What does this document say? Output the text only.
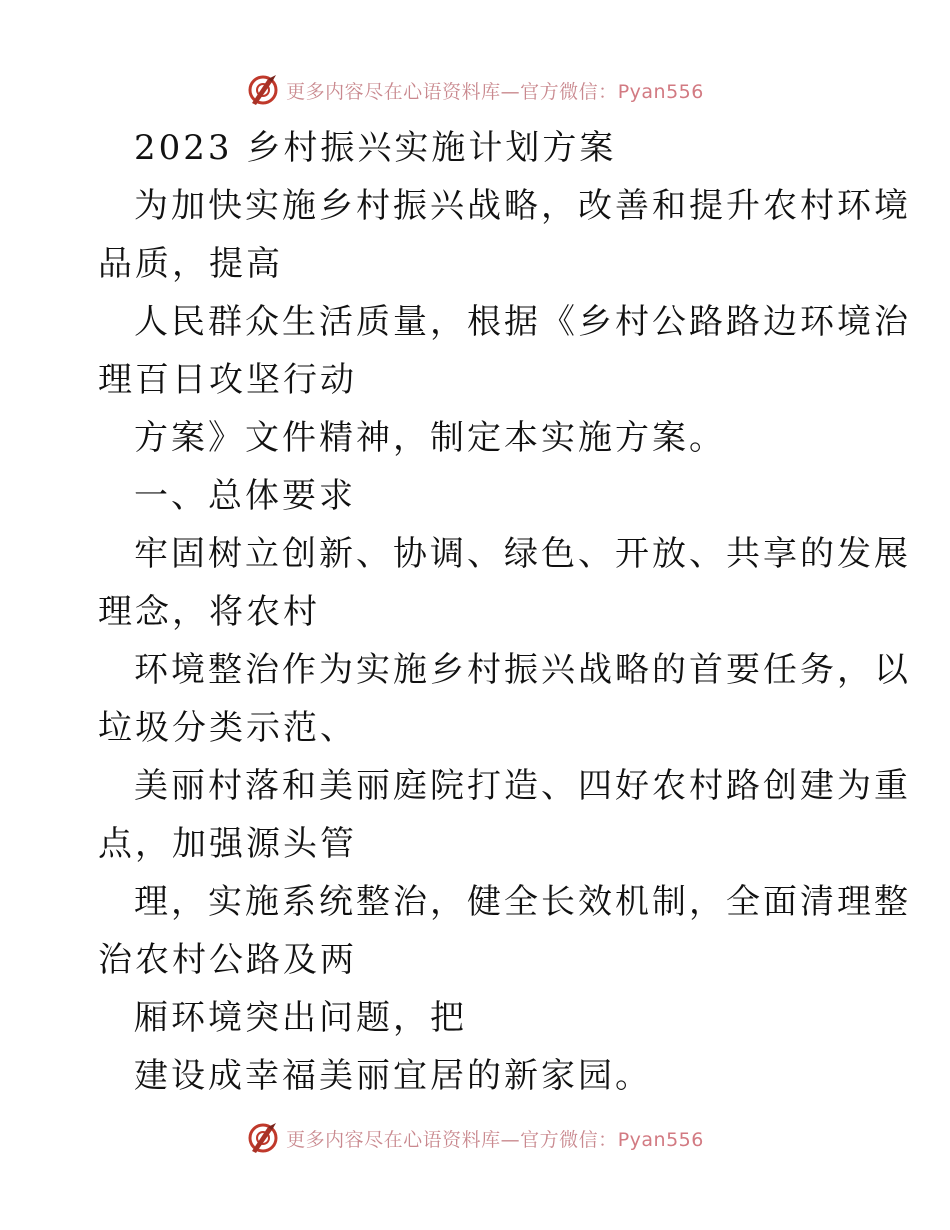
更多内容尽在心语资料库—官方微信：Pyan556
2023 乡村振兴实施计划方案
为加快实施乡村振兴战略，改善和提升农村环境
品质，提高
人民群众生活质量，根据《乡村公路路边环境治
理百日攻坚行动
方案》文件精神，制定本实施方案。
一、总体要求
牢固树立创新、协调、绿色、开放、共享的发展
理念，将农村
环境整治作为实施乡村振兴战略的首要任务，以
垃圾分类示范、
美丽村落和美丽庭院打造、四好农村路创建为重
点，加强源头管
理，实施系统整治，健全长效机制，全面清理整
治农村公路及两
厢环境突出问题，把
建设成幸福美丽宜居的新家园。
更多内容尽在心语资料库—官方微信：Pyan556
